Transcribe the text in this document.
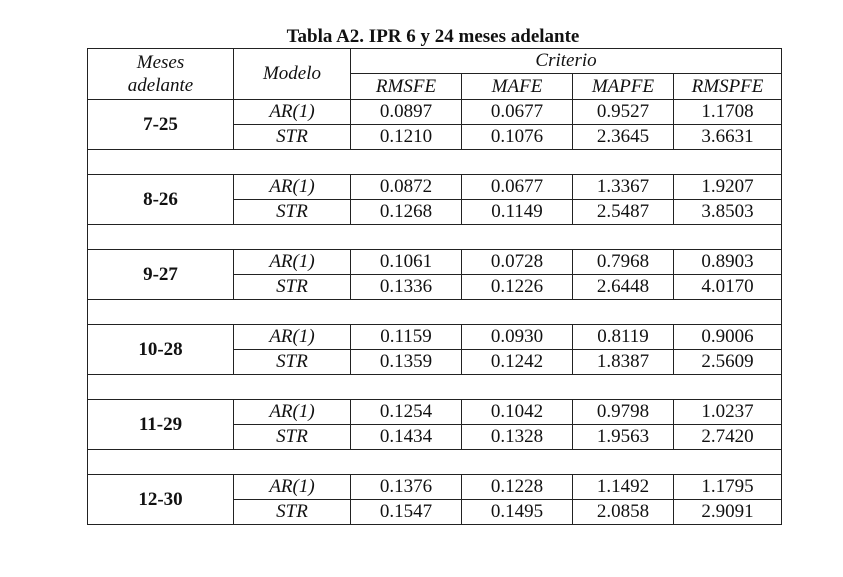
Tabla A2. IPR 6 y 24 meses adelante
Meses
adelante	Modelo	Criterio			
		RMSFE	MAFE	MAPFE	RMSPFE
7-25	AR(1)	0.0897	0.0677	0.9527	1.1708
	STR	0.1210	0.1076	2.3645	3.6631

8-26	AR(1)	0.0872	0.0677	1.3367	1.9207
	STR	0.1268	0.1149	2.5487	3.8503

9-27	AR(1)	0.1061	0.0728	0.7968	0.8903
	STR	0.1336	0.1226	2.6448	4.0170

10-28	AR(1)	0.1159	0.0930	0.8119	0.9006
	STR	0.1359	0.1242	1.8387	2.5609

11-29	AR(1)	0.1254	0.1042	0.9798	1.0237
	STR	0.1434	0.1328	1.9563	2.7420

12-30	AR(1)	0.1376	0.1228	1.1492	1.1795
	STR	0.1547	0.1495	2.0858	2.9091
